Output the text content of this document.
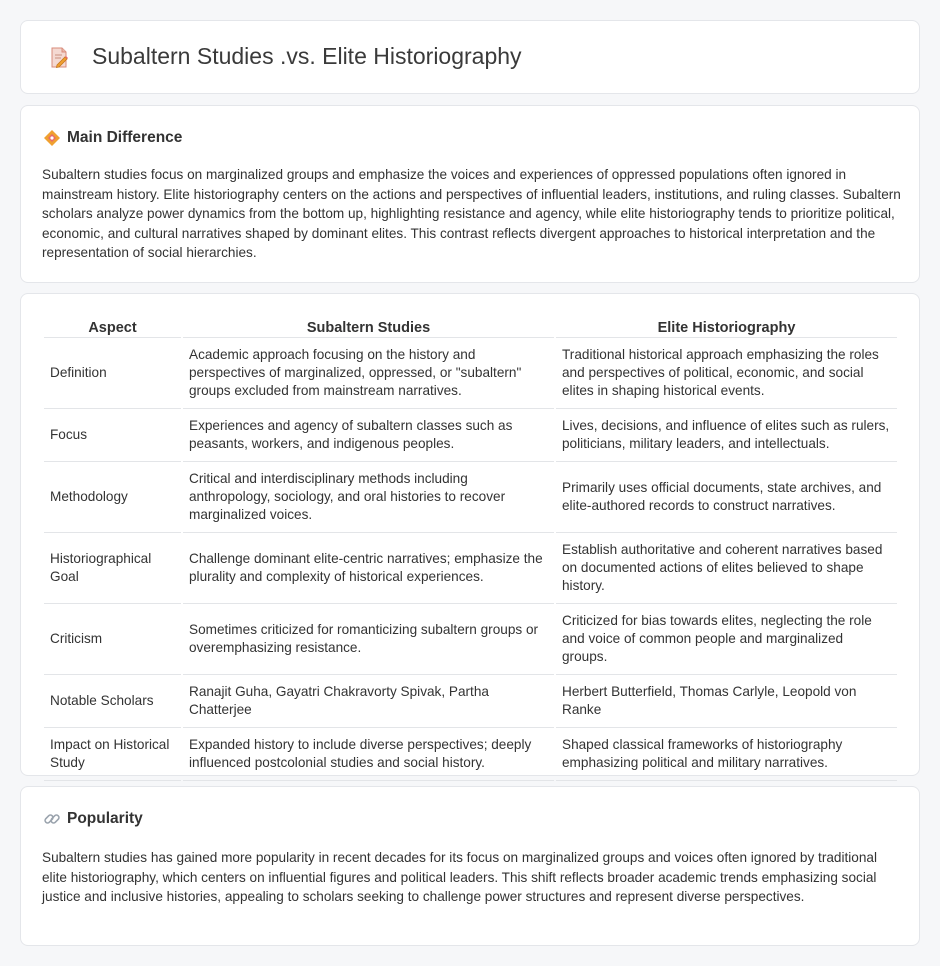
Subaltern Studies .vs. Elite Historiography
Main Difference

Subaltern studies focus on marginalized groups and emphasize the voices and experiences of oppressed populations often ignored in mainstream history. Elite historiography centers on the actions and perspectives of influential leaders, institutions, and ruling classes. Subaltern scholars analyze power dynamics from the bottom up, highlighting resistance and agency, while elite historiography tends to prioritize political, economic, and cultural narratives shaped by dominant elites. This contrast reflects divergent approaches to historical interpretation and the representation of social hierarchies.

Aspect	Subaltern Studies	Elite Historiography
Definition	Academic approach focusing on the history and perspectives of marginalized, oppressed, or "subaltern" groups excluded from mainstream narratives.	Traditional historical approach emphasizing the roles and perspectives of political, economic, and social elites in shaping historical events.
Focus	Experiences and agency of subaltern classes such as peasants, workers, and indigenous peoples.	Lives, decisions, and influence of elites such as rulers, politicians, military leaders, and intellectuals.
Methodology	Critical and interdisciplinary methods including anthropology, sociology, and oral histories to recover marginalized voices.	Primarily uses official documents, state archives, and elite-authored records to construct narratives.
Historiographical Goal	Challenge dominant elite-centric narratives; emphasize the plurality and complexity of historical experiences.	Establish authoritative and coherent narratives based on documented actions of elites believed to shape history.
Criticism	Sometimes criticized for romanticizing subaltern groups or overemphasizing resistance.	Criticized for bias towards elites, neglecting the role and voice of common people and marginalized groups.
Notable Scholars	Ranajit Guha, Gayatri Chakravorty Spivak, Partha Chatterjee	Herbert Butterfield, Thomas Carlyle, Leopold von Ranke
Impact on Historical Study	Expanded history to include diverse perspectives; deeply influenced postcolonial studies and social history.	Shaped classical frameworks of historiography emphasizing political and military narratives.
Popularity

Subaltern studies has gained more popularity in recent decades for its focus on marginalized groups and voices often ignored by traditional elite historiography, which centers on influential figures and political leaders. This shift reflects broader academic trends emphasizing social justice and inclusive histories, appealing to scholars seeking to challenge power structures and represent diverse perspectives.
